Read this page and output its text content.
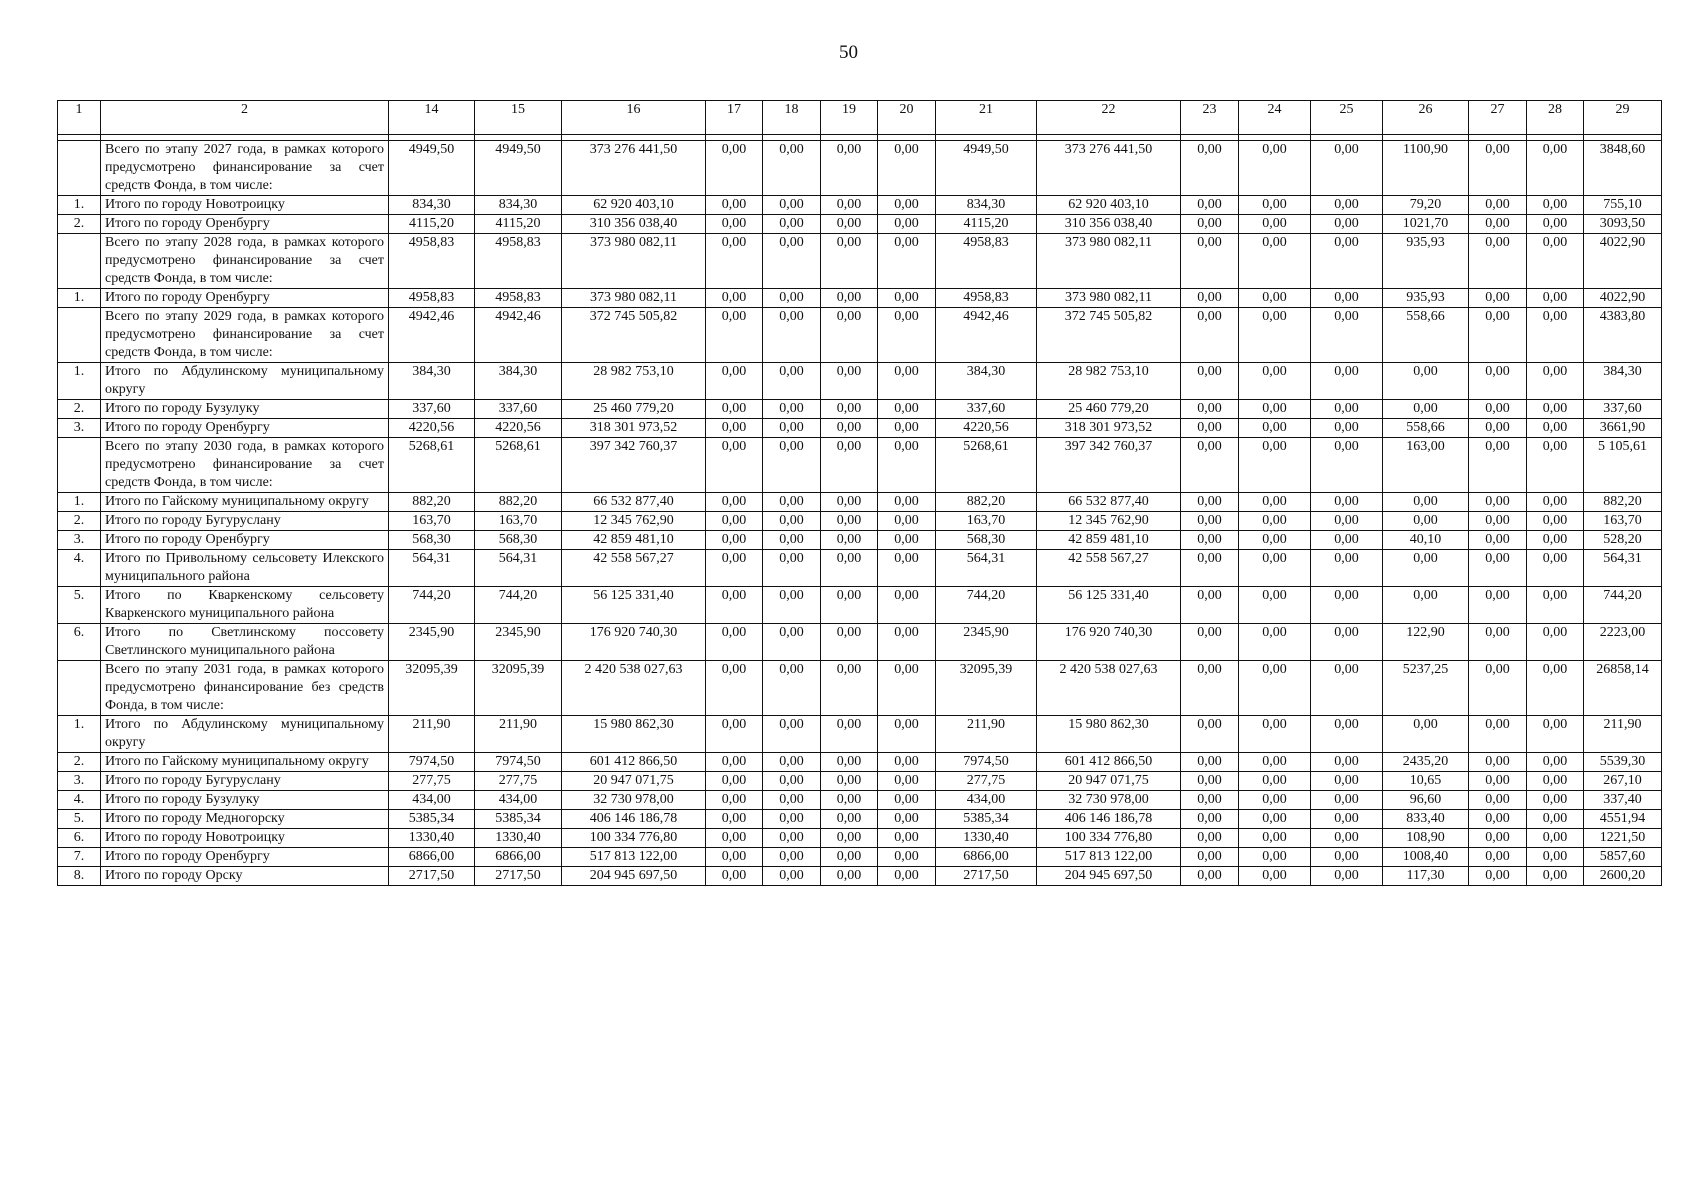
50
1	2	14	15	16	17	18	19	20	21	22	23	24	25	26	27	28	29

	Всего по этапу 2027 года, в рамках которого предусмотрено финансирование за счет средств Фонда, в том числе:	4949,50	4949,50	373 276 441,50	0,00	0,00	0,00	0,00	4949,50	373 276 441,50	0,00	0,00	0,00	1100,90	0,00	0,00	3848,60
1.	Итого по городу Новотроицку	834,30	834,30	62 920 403,10	0,00	0,00	0,00	0,00	834,30	62 920 403,10	0,00	0,00	0,00	79,20	0,00	0,00	755,10
2.	Итого по городу Оренбургу	4115,20	4115,20	310 356 038,40	0,00	0,00	0,00	0,00	4115,20	310 356 038,40	0,00	0,00	0,00	1021,70	0,00	0,00	3093,50
	Всего по этапу 2028 года, в рамках которого предусмотрено финансирование за счет средств Фонда, в том числе:	4958,83	4958,83	373 980 082,11	0,00	0,00	0,00	0,00	4958,83	373 980 082,11	0,00	0,00	0,00	935,93	0,00	0,00	4022,90
1.	Итого по городу Оренбургу	4958,83	4958,83	373 980 082,11	0,00	0,00	0,00	0,00	4958,83	373 980 082,11	0,00	0,00	0,00	935,93	0,00	0,00	4022,90
	Всего по этапу 2029 года, в рамках которого предусмотрено финансирование за счет средств Фонда, в том числе:	4942,46	4942,46	372 745 505,82	0,00	0,00	0,00	0,00	4942,46	372 745 505,82	0,00	0,00	0,00	558,66	0,00	0,00	4383,80
1.	Итого по Абдулинскому муниципальному округу	384,30	384,30	28 982 753,10	0,00	0,00	0,00	0,00	384,30	28 982 753,10	0,00	0,00	0,00	0,00	0,00	0,00	384,30
2.	Итого по городу Бузулуку	337,60	337,60	25 460 779,20	0,00	0,00	0,00	0,00	337,60	25 460 779,20	0,00	0,00	0,00	0,00	0,00	0,00	337,60
3.	Итого по городу Оренбургу	4220,56	4220,56	318 301 973,52	0,00	0,00	0,00	0,00	4220,56	318 301 973,52	0,00	0,00	0,00	558,66	0,00	0,00	3661,90
	Всего по этапу 2030 года, в рамках которого предусмотрено финансирование за счет средств Фонда, в том числе:	5268,61	5268,61	397 342 760,37	0,00	0,00	0,00	0,00	5268,61	397 342 760,37	0,00	0,00	0,00	163,00	0,00	0,00	5 105,61
1.	Итого по Гайскому муниципальному округу	882,20	882,20	66 532 877,40	0,00	0,00	0,00	0,00	882,20	66 532 877,40	0,00	0,00	0,00	0,00	0,00	0,00	882,20
2.	Итого по городу Бугуруслану	163,70	163,70	12 345 762,90	0,00	0,00	0,00	0,00	163,70	12 345 762,90	0,00	0,00	0,00	0,00	0,00	0,00	163,70
3.	Итого по городу Оренбургу	568,30	568,30	42 859 481,10	0,00	0,00	0,00	0,00	568,30	42 859 481,10	0,00	0,00	0,00	40,10	0,00	0,00	528,20
4.	Итого по Привольному сельсовету Илекского муниципального района	564,31	564,31	42 558 567,27	0,00	0,00	0,00	0,00	564,31	42 558 567,27	0,00	0,00	0,00	0,00	0,00	0,00	564,31
5.	Итого по Кваркенскому сельсовету Кваркенского муниципального района	744,20	744,20	56 125 331,40	0,00	0,00	0,00	0,00	744,20	56 125 331,40	0,00	0,00	0,00	0,00	0,00	0,00	744,20
6.	Итого по Светлинскому поссовету Светлинского муниципального района	2345,90	2345,90	176 920 740,30	0,00	0,00	0,00	0,00	2345,90	176 920 740,30	0,00	0,00	0,00	122,90	0,00	0,00	2223,00
	Всего по этапу 2031 года, в рамках которого предусмотрено финансирование без средств Фонда, в том числе:	32095,39	32095,39	2 420 538 027,63	0,00	0,00	0,00	0,00	32095,39	2 420 538 027,63	0,00	0,00	0,00	5237,25	0,00	0,00	26858,14
1.	Итого по Абдулинскому муниципальному округу	211,90	211,90	15 980 862,30	0,00	0,00	0,00	0,00	211,90	15 980 862,30	0,00	0,00	0,00	0,00	0,00	0,00	211,90
2.	Итого по Гайскому муниципальному округу	7974,50	7974,50	601 412 866,50	0,00	0,00	0,00	0,00	7974,50	601 412 866,50	0,00	0,00	0,00	2435,20	0,00	0,00	5539,30
3.	Итого по городу Бугуруслану	277,75	277,75	20 947 071,75	0,00	0,00	0,00	0,00	277,75	20 947 071,75	0,00	0,00	0,00	10,65	0,00	0,00	267,10
4.	Итого по городу Бузулуку	434,00	434,00	32 730 978,00	0,00	0,00	0,00	0,00	434,00	32 730 978,00	0,00	0,00	0,00	96,60	0,00	0,00	337,40
5.	Итого по городу Медногорску	5385,34	5385,34	406 146 186,78	0,00	0,00	0,00	0,00	5385,34	406 146 186,78	0,00	0,00	0,00	833,40	0,00	0,00	4551,94
6.	Итого по городу Новотроицку	1330,40	1330,40	100 334 776,80	0,00	0,00	0,00	0,00	1330,40	100 334 776,80	0,00	0,00	0,00	108,90	0,00	0,00	1221,50
7.	Итого по городу Оренбургу	6866,00	6866,00	517 813 122,00	0,00	0,00	0,00	0,00	6866,00	517 813 122,00	0,00	0,00	0,00	1008,40	0,00	0,00	5857,60
8.	Итого по городу Орску	2717,50	2717,50	204 945 697,50	0,00	0,00	0,00	0,00	2717,50	204 945 697,50	0,00	0,00	0,00	117,30	0,00	0,00	2600,20
